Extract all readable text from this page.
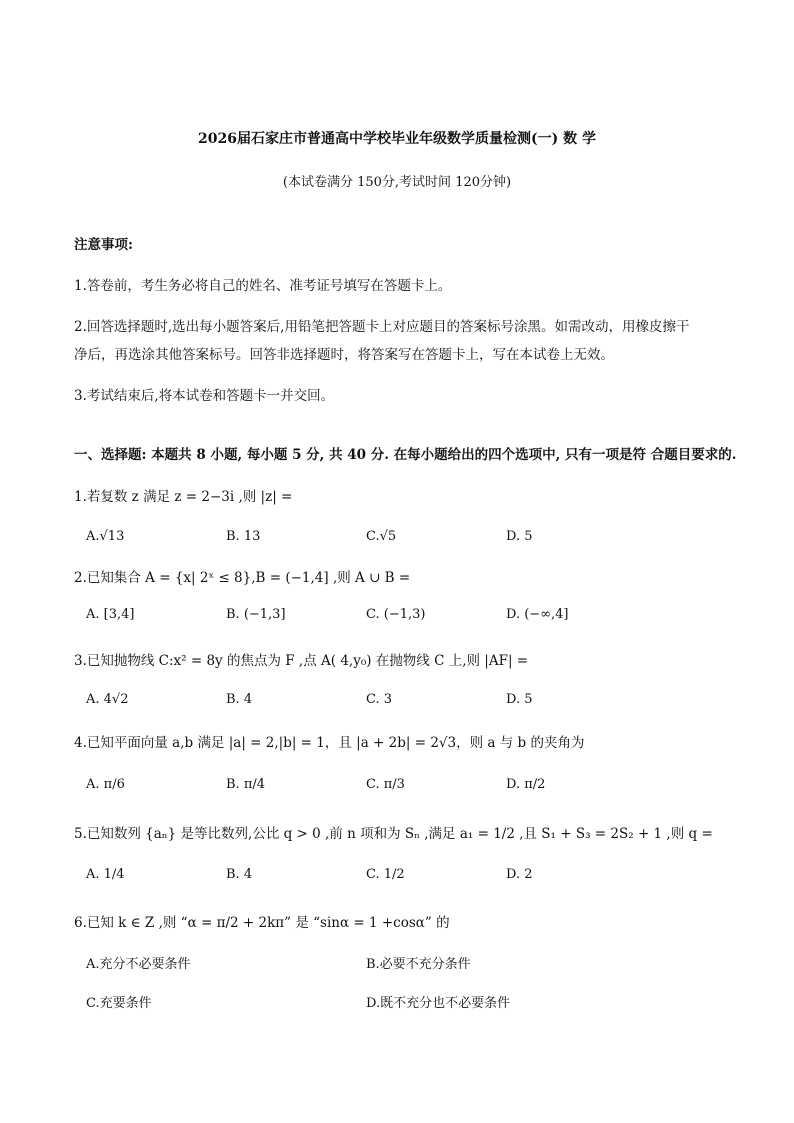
2026届石家庄市普通高中学校毕业年级数学质量检测(一) 数 学
(本试卷满分 150分,考试时间 120分钟)
注意事项:
1.答卷前，考生务必将自己的姓名、准考证号填写在答题卡上。
2.回答选择题时,选出每小题答案后,用铅笔把答题卡上对应题目的答案标号涂黑。如需改动，用橡皮擦干
净后，再选涂其他答案标号。回答非选择题时，将答案写在答题卡上，写在本试卷上无效。
3.考试结束后,将本试卷和答题卡一并交回。
一、选择题: 本题共 8 小题, 每小题 5 分, 共 40 分. 在每小题给出的四个选项中, 只有一项是符 合题目要求的.
1.若复数 z 满足 z = 2−3i ,则 |z| =
A.√13	B. 13	C.√5	D. 5
2.已知集合 A = {x| 2ˣ ≤ 8},B = (−1,4] ,则 A ∪ B =
A. [3,4]	B. (−1,3]	C. (−1,3)	D. (−∞,4]
3.已知抛物线 C:x² = 8y 的焦点为 F ,点 A( 4,y₀) 在抛物线 C 上,则 |AF| =
A. 4√2	B. 4	C. 3	D. 5
4.已知平面向量 a,b 满足 |a| = 2,|b| = 1，且 |a + 2b| = 2√3，则 a 与 b 的夹角为
A. π/6	B. π/4	C. π/3	D. π/2
5.已知数列 {aₙ} 是等比数列,公比 q > 0 ,前 n 项和为 Sₙ ,满足 a₁ = 1/2 ,且 S₁ + S₃ = 2S₂ + 1 ,则 q =
A. 1/4	B. 4	C. 1/2	D. 2
6.已知 k ∈ Z ,则 “α = π/2 + 2kπ” 是 “sinα = 1 +cosα” 的
A.充分不必要条件	B.必要不充分条件
C.充要条件	D.既不充分也不必要条件
